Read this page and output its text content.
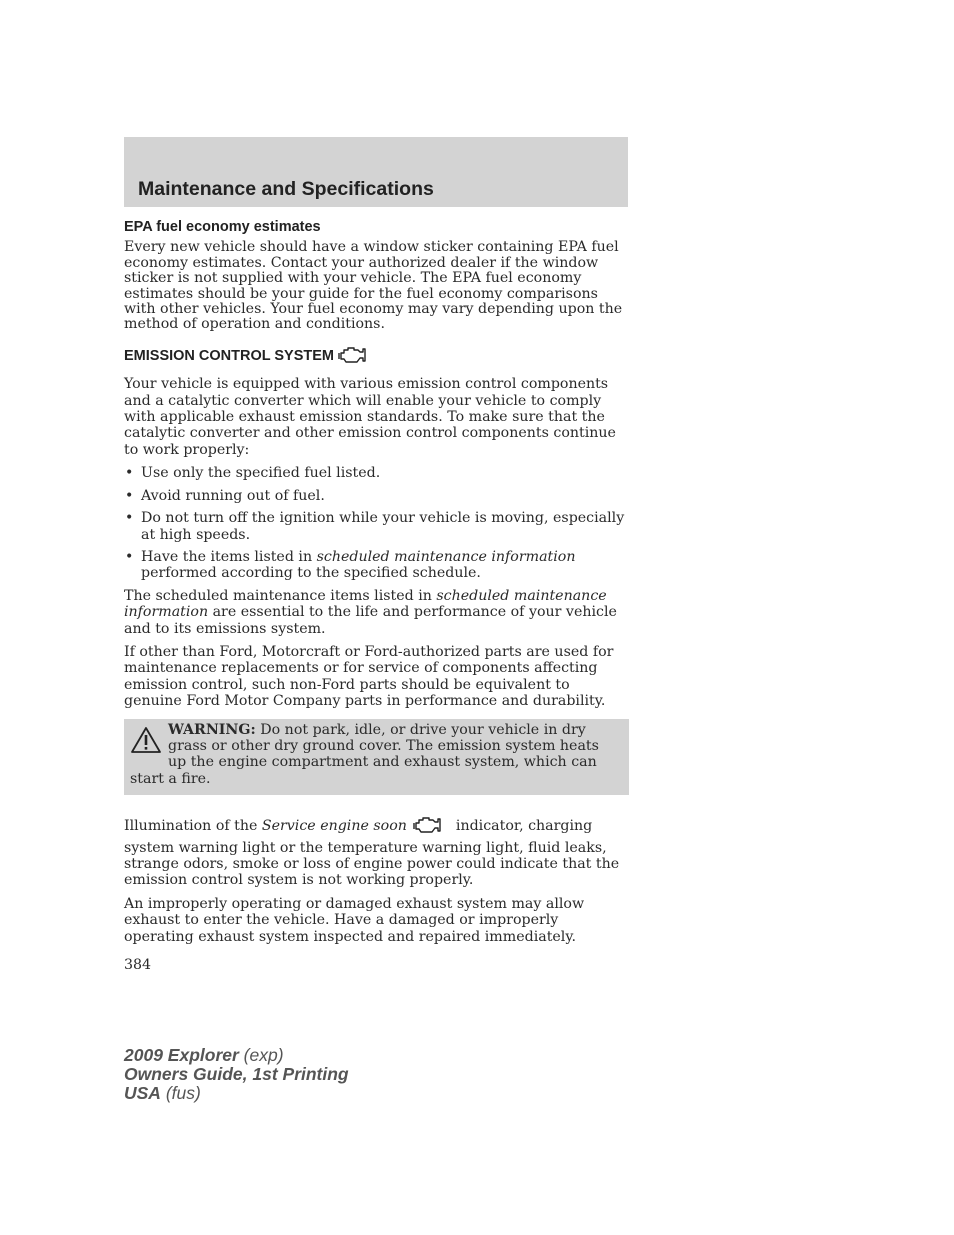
Maintenance and Specifications
EPA fuel economy estimates

Every new vehicle should have a window sticker containing EPA fuel economy estimates. Contact your authorized dealer if the window sticker is not supplied with your vehicle. The EPA fuel economy estimates should be your guide for the fuel economy comparisons with other vehicles. Your fuel economy may vary depending upon the method of operation and conditions.

EMISSION CONTROL SYSTEM

Your vehicle is equipped with various emission control components and a catalytic converter which will enable your vehicle to comply with applicable exhaust emission standards. To make sure that the catalytic converter and other emission control components continue to work properly:

• Use only the specified fuel listed.
• Avoid running out of fuel.
• Do not turn off the ignition while your vehicle is moving, especially at high speeds.
• Have the items listed in scheduled maintenance information performed according to the specified schedule.

The scheduled maintenance items listed in scheduled maintenance information are essential to the life and performance of your vehicle and to its emissions system.

If other than Ford, Motorcraft or Ford-authorized parts are used for maintenance replacements or for service of components affecting emission control, such non-Ford parts should be equivalent to genuine Ford Motor Company parts in performance and durability.

WARNING: Do not park, idle, or drive your vehicle in dry grass or other dry ground cover. The emission system heats up the engine compartment and exhaust system, which can start a fire.

Illumination of the Service engine soon	indicator, charging system warning light or the temperature warning light, fluid leaks, strange odors, smoke or loss of engine power could indicate that the emission control system is not working properly.

An improperly operating or damaged exhaust system may allow exhaust to enter the vehicle. Have a damaged or improperly operating exhaust system inspected and repaired immediately.

384
2009 Explorer (exp)
Owners Guide, 1st Printing
USA (fus)
